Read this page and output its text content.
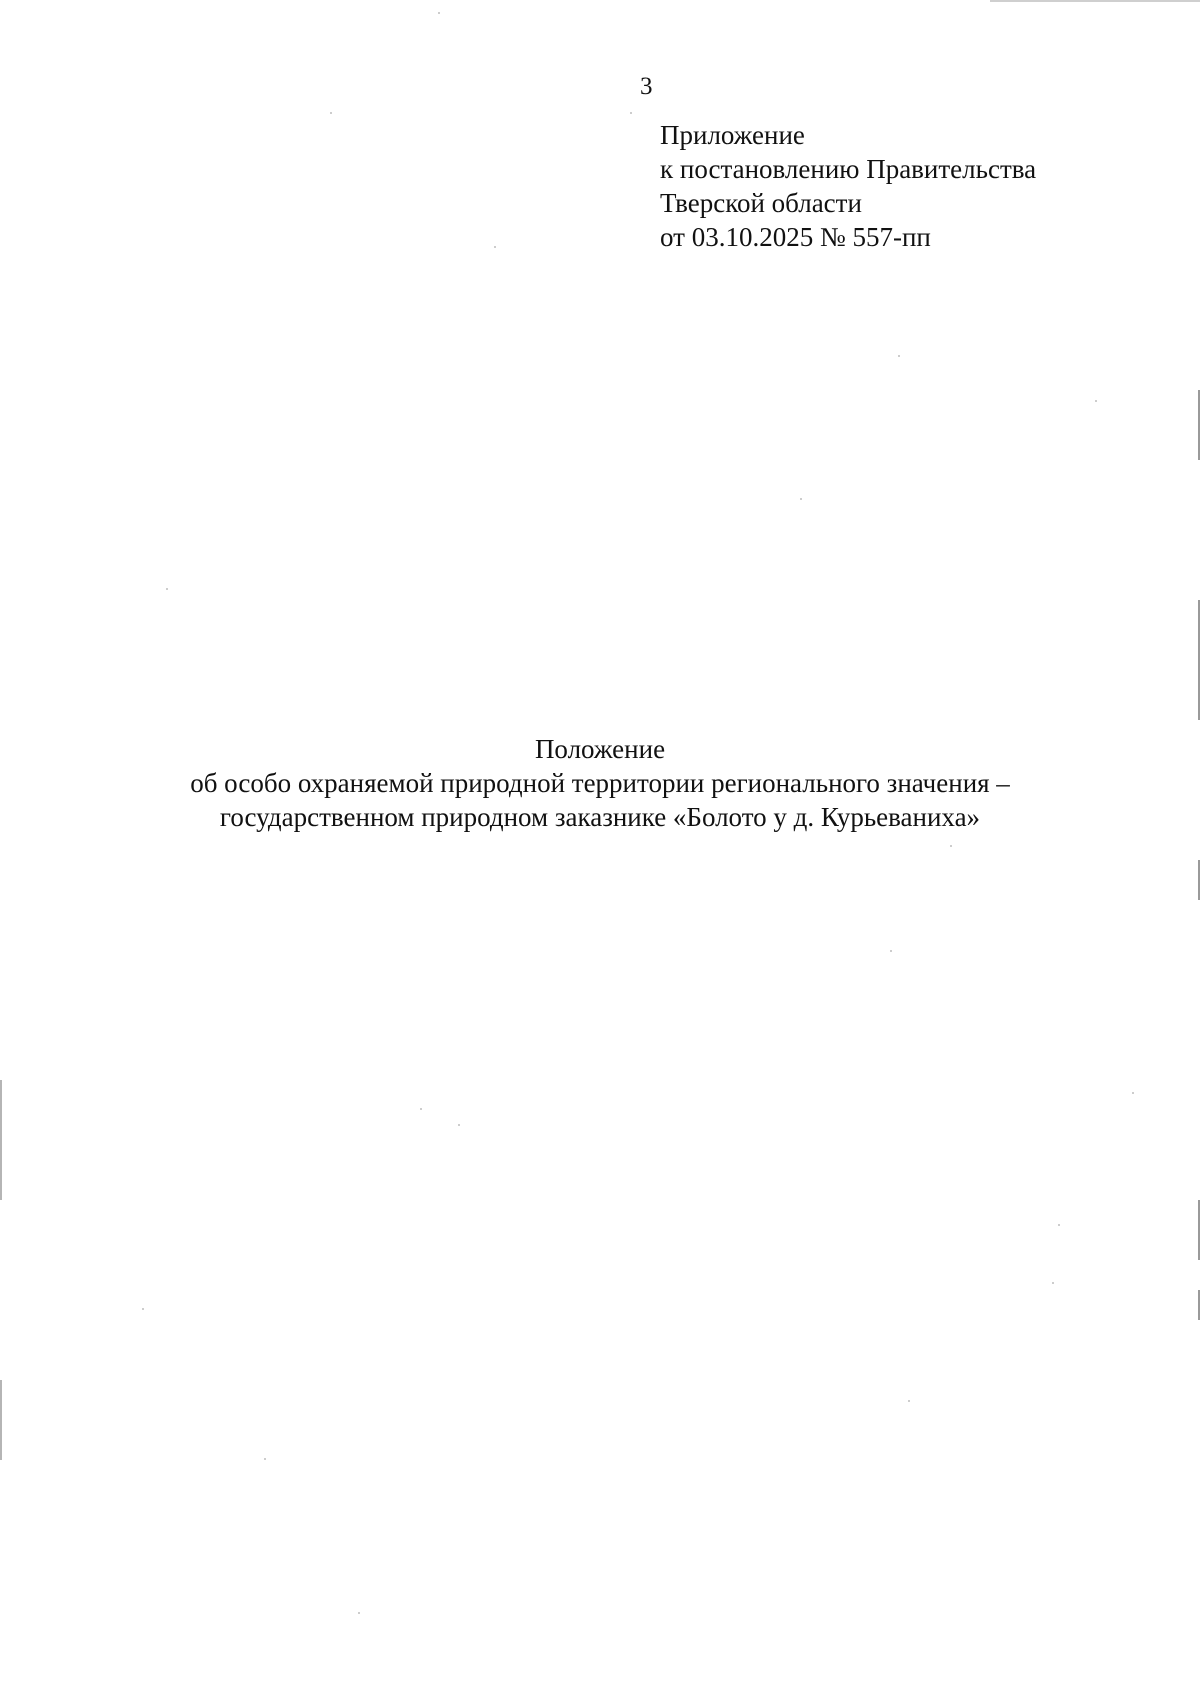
3
Приложение
к постановлению Правительства
Тверской области
от 03.10.2025 № 557-пп
Положение
об особо охраняемой природной территории регионального значения –
государственном природном заказнике «Болото у д. Курьеваниха»
